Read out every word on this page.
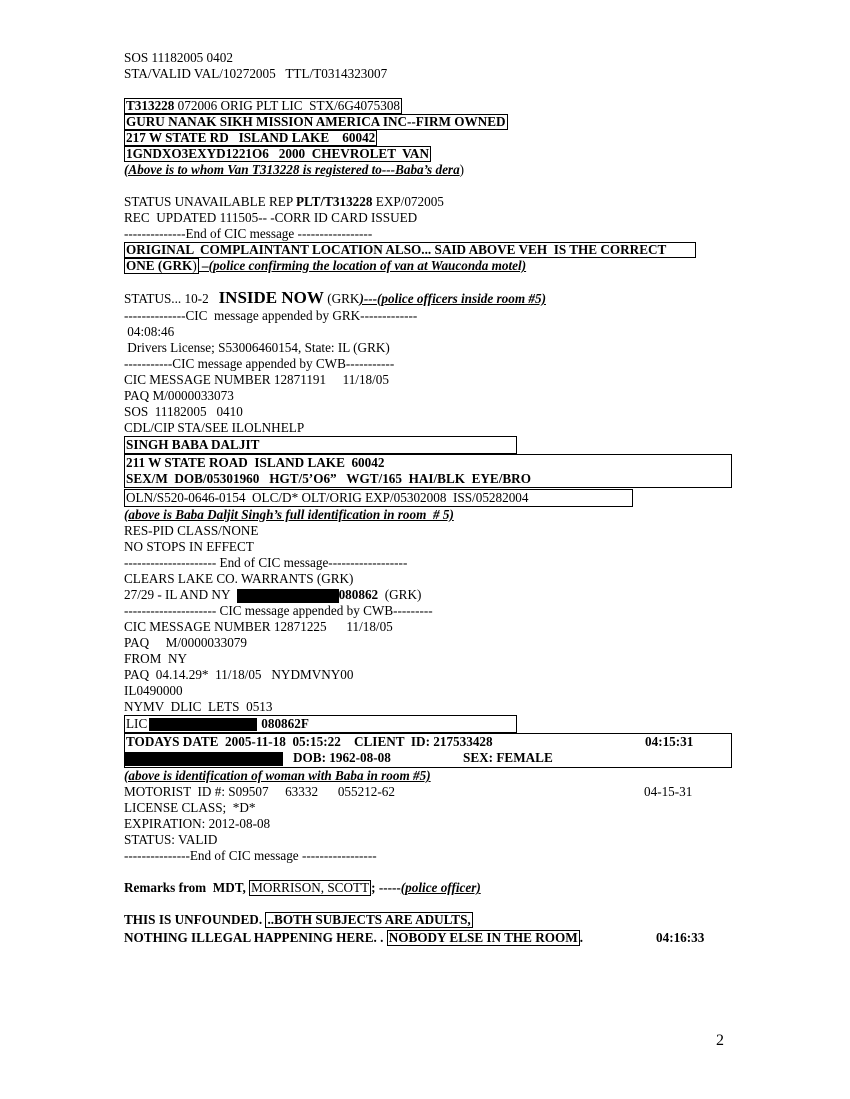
SOS 11182005 0402
STA/VALID VAL/10272005   TTL/T0314323007
T313228 072006 ORIG PLT LIC  STX/6G4075308
GURU NANAK SIKH MISSION AMERICA INC--FIRM OWNED
217 W STATE RD   ISLAND LAKE    60042
1GNDXO3EXYD1221O6   2000  CHEVROLET  VAN
(Above is to whom Van T313228 is registered to---Baba’s dera)
STATUS UNAVAILABLE REP PLT/T313228 EXP/072005
REC  UPDATED 111505-- -CORR ID CARD ISSUED
--------------End of CIC message -----------------
ORIGINAL  COMPLAINTANT LOCATION ALSO... SAID ABOVE VEH  IS THE CORRECT
ONE (GRK) –(police confirming the location of van at Wauconda motel)
STATUS... 10-2   INSIDE NOW (GRK)---(police officers inside room #5)
--------------CIC  message appended by GRK-------------
04:08:46
Drivers License; S53006460154, State: IL (GRK)
-----------CIC message appended by CWB-----------
CIC MESSAGE NUMBER 12871191     11/18/05
PAQ M/0000033073
SOS  11182005   0410
CDL/CIP STA/SEE ILOLNHELP
SINGH BABA DALJIT
211 W STATE ROAD  ISLAND LAKE  60042
SEX/M  DOB/05301960   HGT/5’O6”   WGT/165  HAI/BLK  EYE/BRO
OLN/S520-0646-0154  OLC/D* OLT/ORIG EXP/05302008  ISS/05282004
(above is Baba Daljit Singh’s full identification in room  # 5)
RES-PID CLASS/NONE
NO STOPS IN EFFECT
--------------------- End of CIC message------------------
CLEARS LAKE CO. WARRANTS (GRK)
27/29 - IL AND NY	080862  (GRK)
--------------------- CIC message appended by CWB---------
CIC MESSAGE NUMBER 12871225      11/18/05
PAQ     M/0000033079
FROM  NY
PAQ  04.14.29*  11/18/05   NYDMVNY00
IL0490000
NYMV  DLIC  LETS  0513
LIC	080862F
TODAYS DATE  2005-11-18  05:15:22    CLIENT  ID: 217533428	04:15:31
DOB: 1962-08-08	SEX: FEMALE
(above is identification of woman with Baba in room #5)
MOTORIST  ID #: S09507     63332      055212-62	04-15-31
LICENSE CLASS;  *D*
EXPIRATION: 2012-08-08
STATUS: VALID
---------------End of CIC message -----------------
Remarks from  MDT, MORRISON, SCOTT ; -----(police officer)
THIS IS UNFOUNDED. ..BOTH SUBJECTS ARE ADULTS,
NOTHING ILLEGAL HAPPENING HERE. . NOBODY ELSE IN THE ROOM .	04:16:33
2
